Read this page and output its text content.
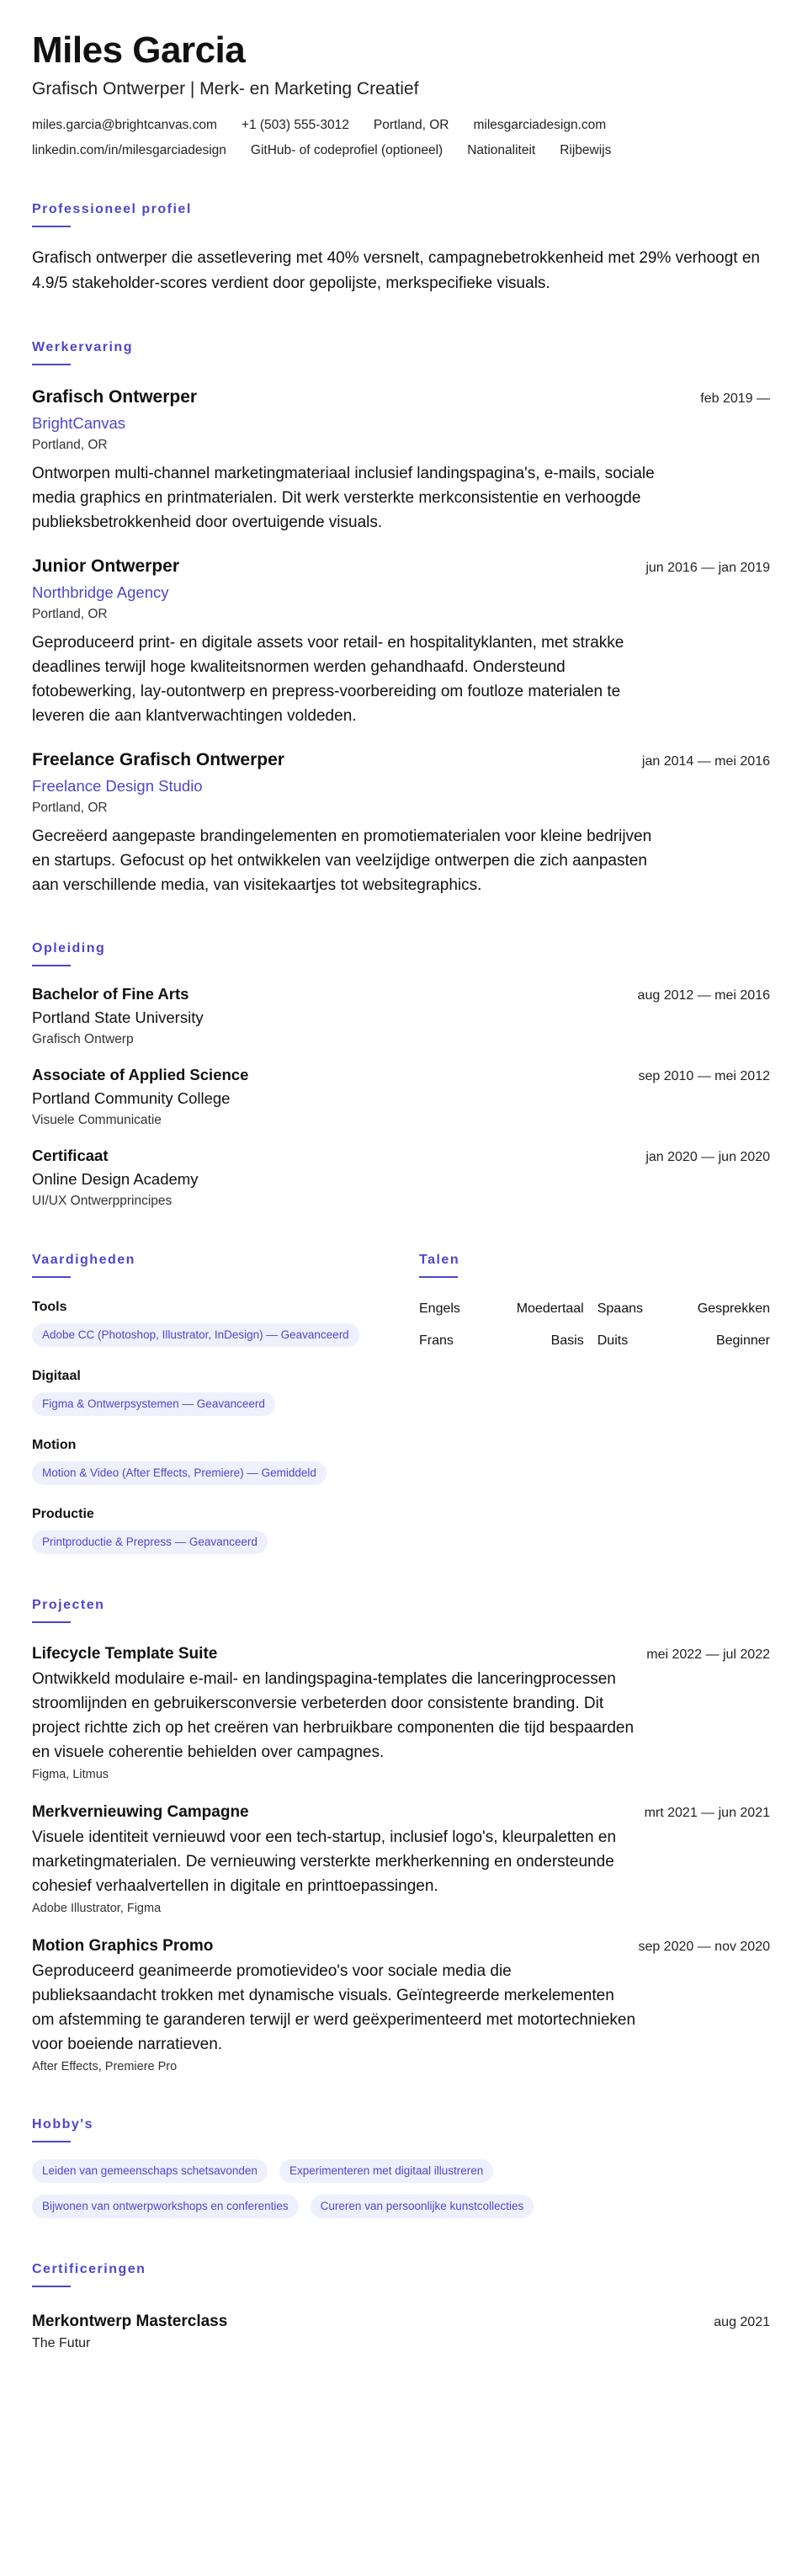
Miles Garcia
Grafisch Ontwerper | Merk- en Marketing Creatief
miles.garcia@brightcanvas.com +1 (503) 555-3012 Portland, OR milesgarciadesign.com
linkedin.com/in/milesgarciadesign GitHub- of codeprofiel (optioneel) Nationaliteit Rijbewijs
Professioneel profiel

Grafisch ontwerper die assetlevering met 40% versnelt, campagnebetrokkenheid met 29% verhoogt en 4.9/5 stakeholder-scores verdient door gepolijste, merkspecifieke visuals.

Werkervaring
Grafisch Ontwerper	feb 2019 —
BrightCanvas
Portland, OR

Ontworpen multi-channel marketingmateriaal inclusief landingspagina's, e-mails, sociale media graphics en printmaterialen. Dit werk versterkte merkconsistentie en verhoogde publieksbetrokkenheid door overtuigende visuals.

Junior Ontwerper	jun 2016 — jan 2019
Northbridge Agency
Portland, OR

Geproduceerd print- en digitale assets voor retail- en hospitalityklanten, met strakke deadlines terwijl hoge kwaliteitsnormen werden gehandhaafd. Ondersteund fotobewerking, lay-outontwerp en prepress-voorbereiding om foutloze materialen te leveren die aan klantverwachtingen voldeden.

Freelance Grafisch Ontwerper	jan 2014 — mei 2016
Freelance Design Studio
Portland, OR

Gecreëerd aangepaste brandingelementen en promotiematerialen voor kleine bedrijven en startups. Gefocust op het ontwikkelen van veelzijdige ontwerpen die zich aanpasten aan verschillende media, van visitekaartjes tot websitegraphics.

Opleiding
Bachelor of Fine Arts	aug 2012 — mei 2016
Portland State University
Grafisch Ontwerp
Associate of Applied Science	sep 2010 — mei 2012
Portland Community College
Visuele Communicatie
Certificaat	jan 2020 — jun 2020
Online Design Academy
UI/UX Ontwerpprincipes
Vaardigheden
Tools
Adobe CC (Photoshop, Illustrator, InDesign) — Geavanceerd
Digitaal
Figma & Ontwerpsystemen — Geavanceerd
Motion
Motion & Video (After Effects, Premiere) — Gemiddeld
Productie
Printproductie & Prepress — Geavanceerd
Talen
Engels	Moedertaal	Spaans	Gesprekken
Frans	Basis	Duits	Beginner
Projecten
Lifecycle Template Suite	mei 2022 — jul 2022

Ontwikkeld modulaire e-mail- en landingspagina-templates die lanceringprocessen stroomlijnden en gebruikersconversie verbeterden door consistente branding. Dit project richtte zich op het creëren van herbruikbare componenten die tijd bespaarden en visuele coherentie behielden over campagnes.

Figma, Litmus
Merkvernieuwing Campagne	mrt 2021 — jun 2021

Visuele identiteit vernieuwd voor een tech-startup, inclusief logo's, kleurpaletten en marketingmaterialen. De vernieuwing versterkte merkherkenning en ondersteunde cohesief verhaalvertellen in digitale en printtoepassingen.

Adobe Illustrator, Figma
Motion Graphics Promo	sep 2020 — nov 2020

Geproduceerd geanimeerde promotievideo's voor sociale media die publieksaandacht trokken met dynamische visuals. Geïntegreerde merkelementen om afstemming te garanderen terwijl er werd geëxperimenteerd met motortechnieken voor boeiende narratieven.

After Effects, Premiere Pro
Hobby's
Leiden van gemeenschaps schetsavonden	Experimenteren met digitaal illustreren
Bijwonen van ontwerpworkshops en conferenties	Cureren van persoonlijke kunstcollecties
Certificeringen
Merkontwerp Masterclass	aug 2021
The Futur
